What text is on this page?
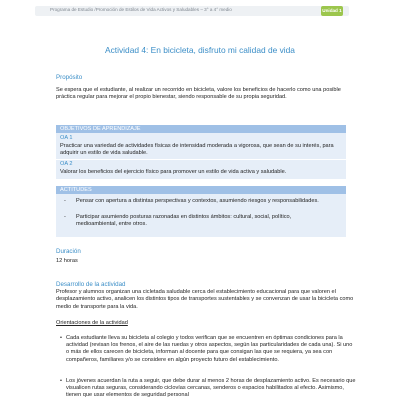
Programa de Estudio /Promoción de Estilos de Vida Activos y Saludables – 3° a 4° medio	Unidad 1
Actividad 4: En bicicleta, disfruto mi calidad de vida
Propósito
Se espera que el estudiante, al realizar un recorrido en bicicleta, valore los beneficios de hacerlo como una posible práctica regular para mejorar el propio bienestar, siendo responsable de su propia seguridad.
OBJETIVOS DE APRENDIZAJE
OA 1
Practicar una variedad de actividades físicas de intensidad moderada a vigorosa, que sean de su interés, para adquirir un estilo de vida saludable.
OA 2
Valorar los beneficios del ejercicio físico para promover un estilo de vida activa y saludable.
ACTITUDES
- Pensar con apertura a distintas perspectivas y contextos, asumiendo riesgos y responsabilidades.
- Participar asumiendo posturas razonadas en distintos ámbitos: cultural, social, político, medioambiental, entre otros.
Duración
12 horas
Desarrollo de la actividad
Profesor y alumnos organizan una cicletada saludable cerca del establecimiento educacional para que valoren el desplazamiento activo, analicen los distintos tipos de transportes sustentables y se convenzan de usar la bicicleta como medio de transporte para la vida.
Orientaciones de la actividad
• Cada estudiante lleva su bicicleta al colegio y todos verifican que se encuentren en óptimas condiciones para la actividad (revisan los frenos, el aire de las ruedas y otros aspectos, según las particularidades de cada una). Si uno o más de ellos carecen de bicicleta, informan al docente para que consigan las que se requiera, ya sea con compañeros, familiares y/o se considere en algún proyecto futuro del establecimiento.
• Los jóvenes acuerdan la ruta a seguir, que debe durar al menos 2 horas de desplazamiento activo. Es necesario que visualicen rutas seguras, considerando ciclovías cercanas, senderos o espacios habilitados al efecto. Asimismo, tienen que usar elementos de seguridad personal
